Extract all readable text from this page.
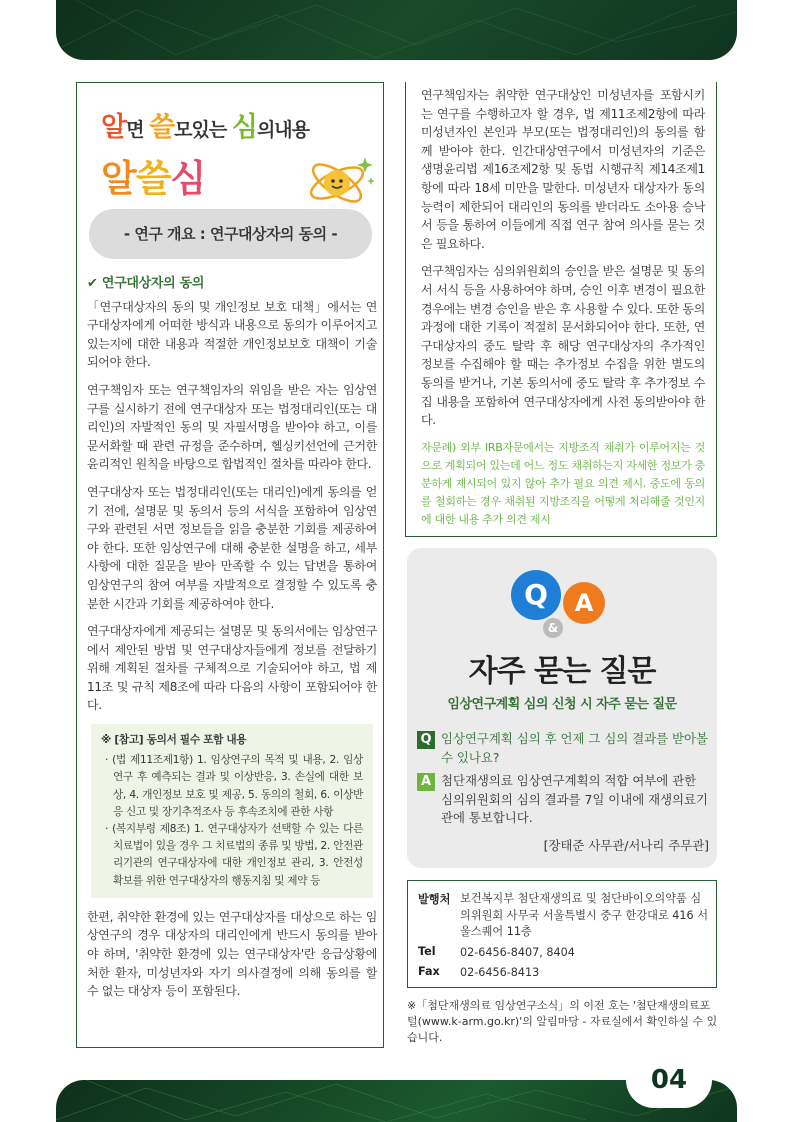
알면 쓸모있는 심의내용
알쓸심
- 연구 개요 : 연구대상자의 동의 -
✔ 연구대상자의 동의

「연구대상자의 동의 및 개인정보 보호 대책」에서는 연구대상자에게 어떠한 방식과 내용으로 동의가 이루어지고 있는지에 대한 내용과 적절한 개인정보보호 대책이 기술되어야 한다.

연구책임자 또는 연구책임자의 위임을 받은 자는 임상연구를 실시하기 전에 연구대상자 또는 법정대리인(또는 대리인)의 자발적인 동의 및 자필서명을 받아야 하고, 이를 문서화할 때 관련 규정을 준수하며, 헬싱키선언에 근거한 윤리적인 원칙을 바탕으로 합법적인 절차를 따라야 한다.

연구대상자 또는 법정대리인(또는 대리인)에게 동의를 얻기 전에, 설명문 및 동의서 등의 서식을 포함하여 임상연구와 관련된 서면 정보들을 읽을 충분한 기회를 제공하여야 한다. 또한 임상연구에 대해 충분한 설명을 하고, 세부사항에 대한 질문을 받아 만족할 수 있는 답변을 통하여 임상연구의 참여 여부를 자발적으로 결정할 수 있도록 충분한 시간과 기회를 제공하여야 한다.

연구대상자에게 제공되는 설명문 및 동의서에는 임상연구에서 제안된 방법 및 연구대상자들에게 정보를 전달하기 위해 계획된 절차를 구체적으로 기술되어야 하고, 법 제11조 및 규칙 제8조에 따라 다음의 사항이 포함되어야 한다.

※ [참고] 동의서 필수 포함 내용

· (법 제11조제1항) 1. 임상연구의 목적 및 내용, 2. 임상연구 후 예측되는 결과 및 이상반응, 3. 손실에 대한 보상, 4. 개인정보 보호 및 제공, 5. 동의의 철회, 6. 이상반응 신고 및 장기추적조사 등 후속조치에 관한 사항

· (복지부령 제8조) 1. 연구대상자가 선택할 수 있는 다른 치료법이 있을 경우 그 치료법의 종류 및 방법, 2. 안전관리기관의 연구대상자에 대한 개인정보 관리, 3. 안전성 확보를 위한 연구대상자의 행동지침 및 제약 등

한편, 취약한 환경에 있는 연구대상자를 대상으로 하는 임상연구의 경우 대상자의 대리인에게 반드시 동의를 받아야 하며, '취약한 환경에 있는 연구대상자'란 응급상황에 처한 환자, 미성년자와 자기 의사결정에 의해 동의를 할 수 없는 대상자 등이 포함된다.

연구책임자는 취약한 연구대상인 미성년자를 포함시키는 연구를 수행하고자 할 경우, 법 제11조제2항에 따라 미성년자인 본인과 부모(또는 법정대리인)의 동의를 함께 받아야 한다. 인간대상연구에서 미성년자의 기준은 생명윤리법 제16조제2항 및 동법 시행규칙 제14조제1항에 따라 18세 미만을 말한다. 미성년자 대상자가 동의 능력이 제한되어 대리인의 동의를 받더라도 소아용 승낙서 등을 통하여 이들에게 직접 연구 참여 의사를 묻는 것은 필요하다.

연구책임자는 심의위원회의 승인을 받은 설명문 및 동의서 서식 등을 사용하여야 하며, 승인 이후 변경이 필요한 경우에는 변경 승인을 받은 후 사용할 수 있다. 또한 동의 과정에 대한 기록이 적절히 문서화되어야 한다. 또한, 연구대상자의 중도 탈락 후 해당 연구대상자의 추가적인 정보를 수집해야 할 때는 추가정보 수집을 위한 별도의 동의를 받거나, 기본 동의서에 중도 탈락 후 추가정보 수집 내용을 포함하여 연구대상자에게 사전 동의받아야 한다.

자문례) 외부 IRB자문에서는 지방조직 채취가 이루어지는 것으로 계획되어 있는데 어느 정도 채취하는지 자세한 정보가 충분하게 제시되어 있지 않아 추가 필요 의견 제시. 중도에 동의를 철회하는 경우 채취된 지방조직을 어떻게 처리해줄 것인지에 대한 내용 추가 의견 제시

Q	A
&
자주 묻는 질문
임상연구계획 심의 신청 시 자주 묻는 질문
Q 임상연구계획 심의 후 언제 그 심의 결과를 받아볼 수 있나요?
A 첨단재생의료 임상연구계획의 적합 여부에 관한 심의위원회의 심의 결과를 7일 이내에 재생의료기관에 통보합니다.
[장태준 사무관/서나리 주무관]
발행처 보건복지부 첨단재생의료 및 첨단바이오의약품 심의위원회 사무국 서울특별시 중구 한강대로 416 서울스퀘어 11층
Tel	02-6456-8407, 8404
Fax	02-6456-8413
※「첨단재생의료 임상연구소식」의 이전 호는 '첨단재생의료포털(www.k-arm.go.kr)'의 알림마당 - 자료실에서 확인하실 수 있습니다.
04
